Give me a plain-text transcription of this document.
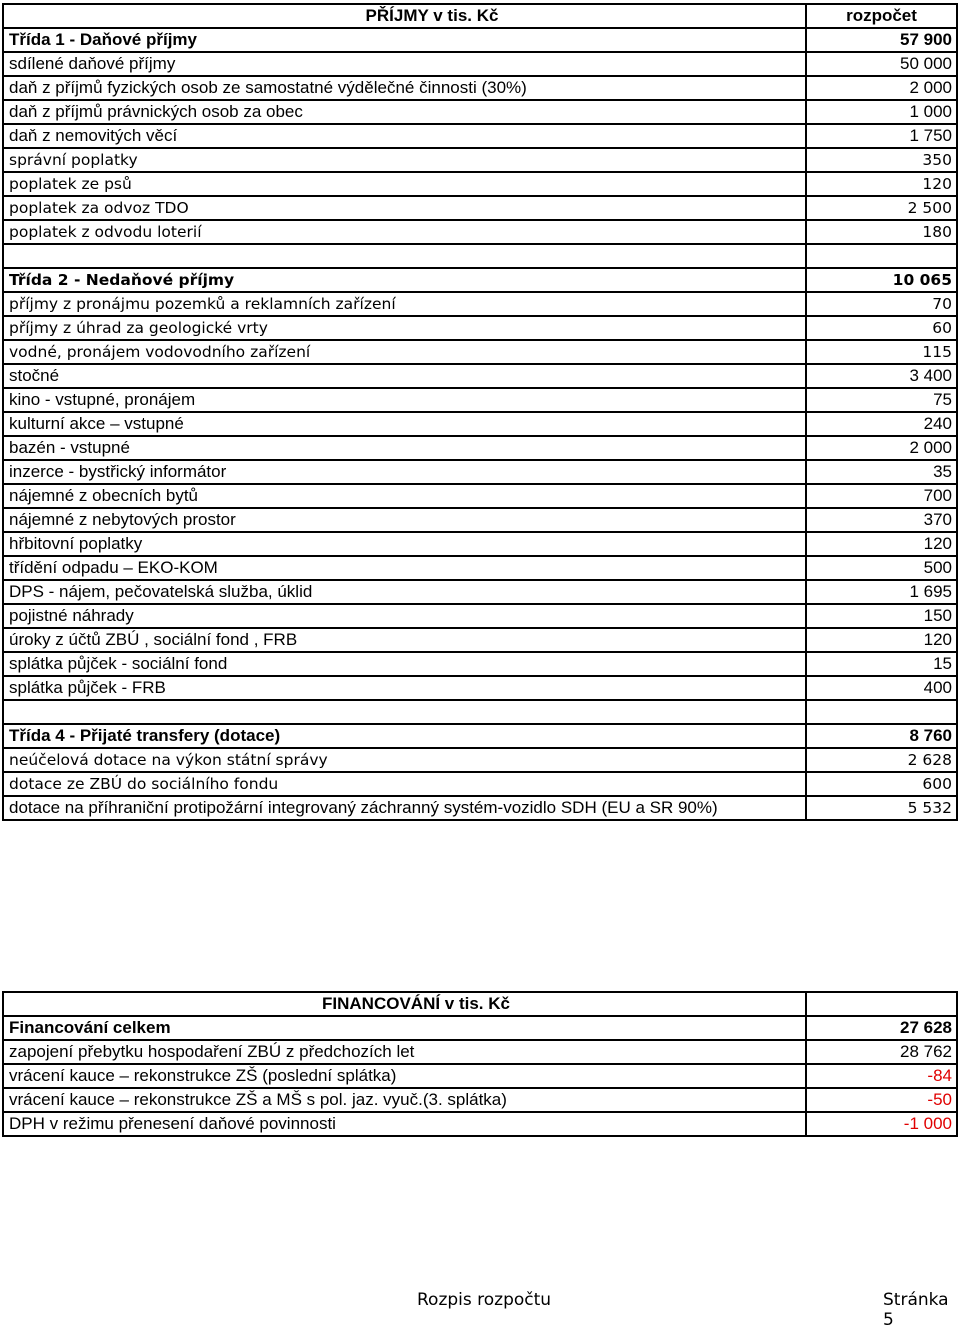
PŘÍJMY v tis. Kč	rozpočet
Třída 1 - Daňové příjmy	57 900
sdílené daňové příjmy	50 000
daň z příjmů fyzických osob ze samostatné výdělečné činnosti (30%)	2 000
daň z příjmů právnických osob za obec	1 000
daň z nemovitých věcí	1 750
správní poplatky	350
poplatek ze psů	120
poplatek za odvoz TDO	2 500
poplatek z odvodu loterií	180

Třída 2 - Nedaňové příjmy	10 065
příjmy z pronájmu pozemků a reklamních zařízení	70
příjmy z úhrad za geologické vrty	60
vodné, pronájem vodovodního zařízení	115
stočné	3 400
kino - vstupné, pronájem	75
kulturní akce – vstupné	240
bazén - vstupné	2 000
inzerce - bystřický informátor	35
nájemné z obecních bytů	700
nájemné z nebytových prostor	370
hřbitovní poplatky	120
třídění odpadu – EKO-KOM	500
DPS - nájem, pečovatelská služba, úklid	1 695
pojistné náhrady	150
úroky z účtů ZBÚ , sociální fond , FRB	120
splátka půjček - sociální fond	15
splátka půjček - FRB	400

Třída 4 - Přijaté transfery (dotace)	8 760
neúčelová dotace na výkon státní správy	2 628
dotace ze ZBÚ do sociálního fondu	600
dotace na příhraniční protipožární integrovaný záchranný systém-vozidlo SDH (EU a SR 90%)	5 532
FINANCOVÁNÍ v tis. Kč	
Financování celkem	27 628
zapojení přebytku hospodaření ZBÚ z předchozích let	28 762
vrácení kauce – rekonstrukce ZŠ (poslední splátka)	-84
vrácení kauce – rekonstrukce ZŠ a MŠ s pol. jaz. vyuč.(3. splátka)	-50
DPH v režimu přenesení daňové povinnosti	-1 000
Rozpis rozpočtu	Stránka 5
